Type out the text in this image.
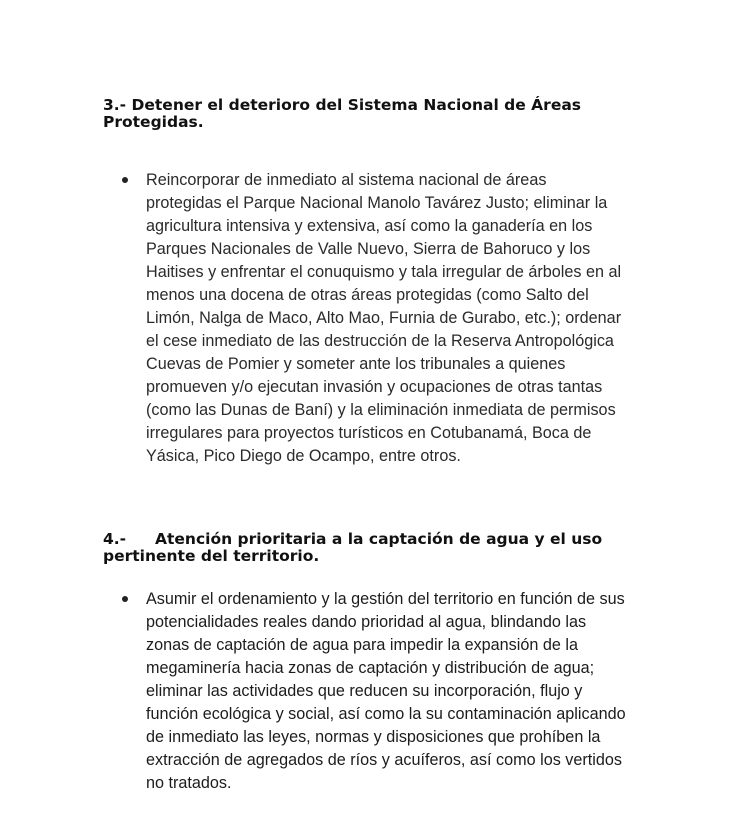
3.- Detener el deterioro del Sistema Nacional de Áreas Protegidas.
Reincorporar de inmediato al sistema nacional de áreas protegidas el Parque Nacional Manolo Tavárez Justo; eliminar la agricultura intensiva y extensiva, así como la ganadería en los Parques Nacionales de Valle Nuevo, Sierra de Bahoruco y los Haitises y enfrentar el conuquismo y tala irregular de árboles en al menos una docena de otras áreas protegidas (como Salto del Limón, Nalga de Maco, Alto Mao, Furnia de Gurabo, etc.); ordenar el cese inmediato de las destrucción de la Reserva Antropológica Cuevas de Pomier y someter ante los tribunales a quienes promueven y/o ejecutan invasión y ocupaciones de otras tantas (como las Dunas de Baní) y la eliminación inmediata de permisos irregulares para proyectos turísticos en Cotubanamá, Boca de Yásica, Pico Diego de Ocampo, entre otros.
4.- Atención prioritaria a la captación de agua y el uso pertinente del territorio.
Asumir el ordenamiento y la gestión del territorio en función de sus potencialidades reales dando prioridad al agua, blindando las zonas de captación de agua para impedir la expansión de la megaminería hacia zonas de captación y distribución de agua; eliminar las actividades que reducen su incorporación, flujo y función ecológica y social, así como la su contaminación aplicando de inmediato las leyes, normas y disposiciones que prohíben la extracción de agregados de ríos y acuíferos, así como los vertidos no tratados.
